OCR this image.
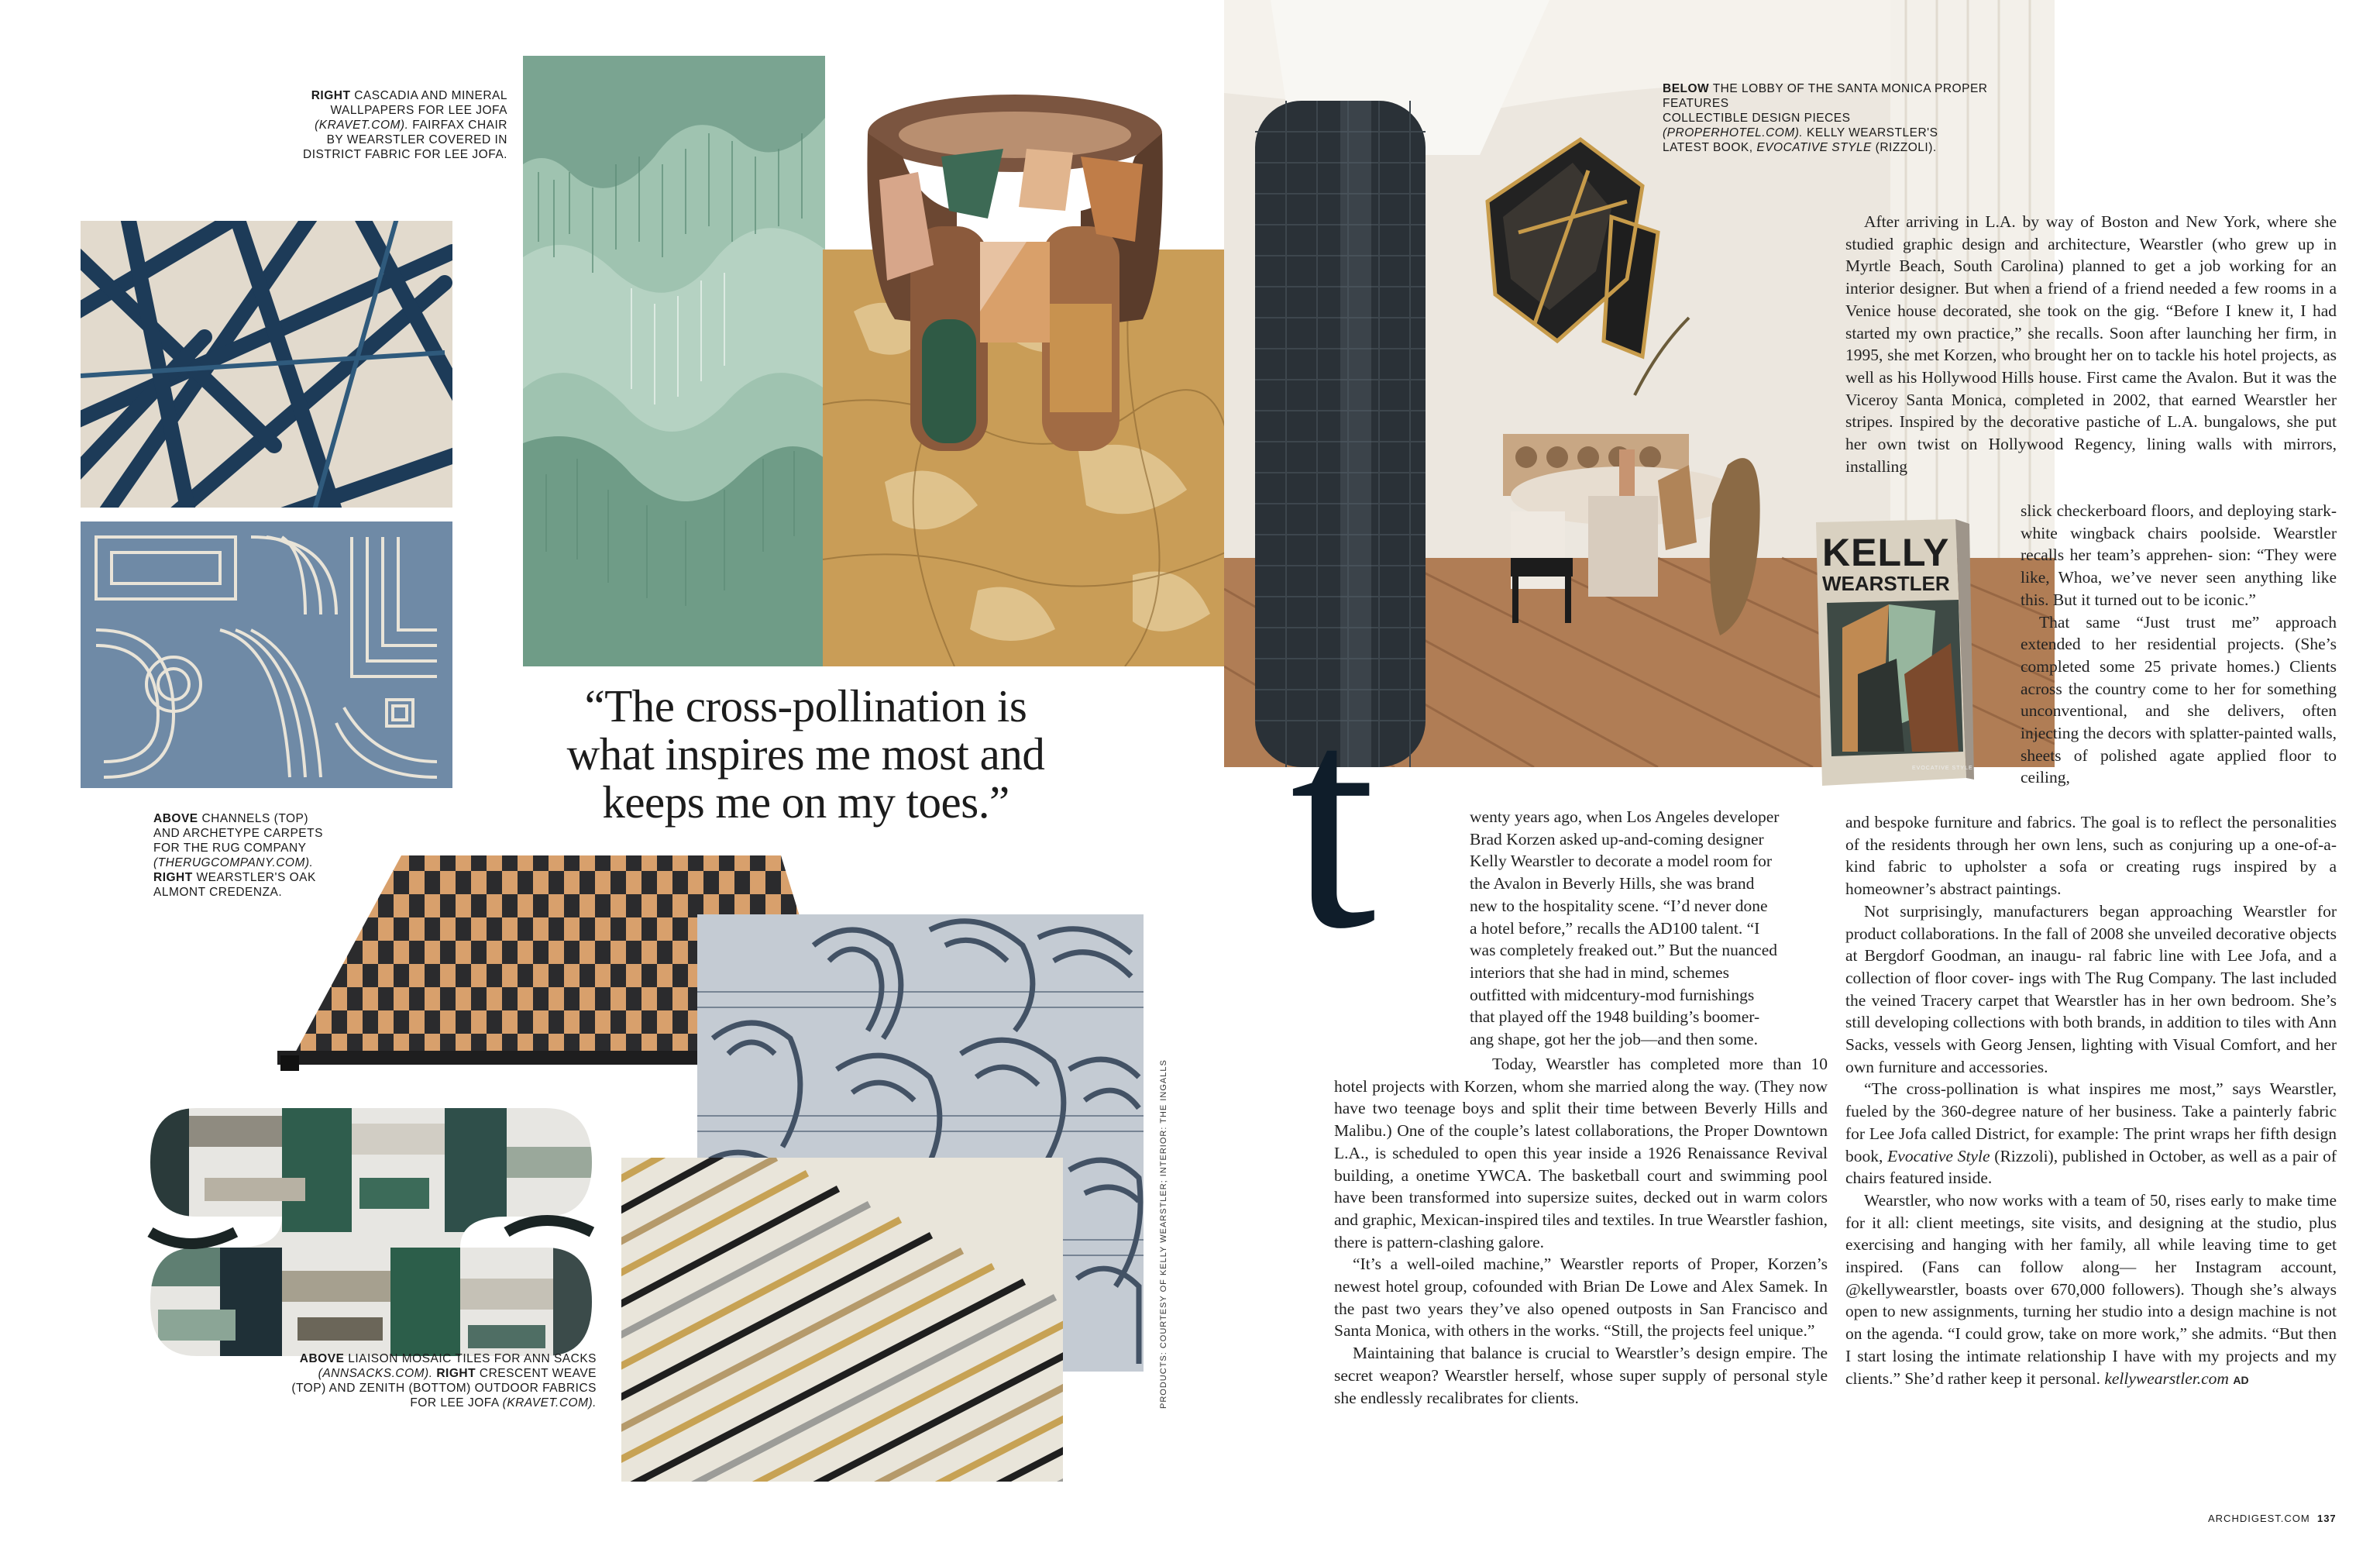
RIGHT CASCADIA AND MINERAL
WALLPAPERS FOR LEE JOFA
(KRAVET.COM). FAIRFAX CHAIR
BY WEARSTLER COVERED IN
DISTRICT FABRIC FOR LEE JOFA.
ABOVE CHANNELS (TOP)
AND ARCHETYPE CARPETS
FOR THE RUG COMPANY
(THERUGCOMPANY.COM).
RIGHT WEARSTLER'S OAK
ALMONT CREDENZA.
“The cross-pollination is
what inspires me most and
keeps me on my toes.”
ABOVE LIAISON MOSAIC TILES FOR ANN SACKS
(ANNSACKS.COM). RIGHT CRESCENT WEAVE
(TOP) AND ZENITH (BOTTOM) OUTDOOR FABRICS
FOR LEE JOFA (KRAVET.COM).	PRODUCTS: COURTESY OF KELLY WEARSTLER; INTERIOR: THE INGALLS
BELOW THE LOBBY OF THE SANTA MONICA PROPER FEATURES
COLLECTIBLE DESIGN PIECES (PROPERHOTEL.COM). KELLY WEARSTLER'S
LATEST BOOK, EVOCATIVE STYLE (RIZZOLI).
KELLY
WEARSTLER
EVOCATIVE STYLE
t	wenty years ago, when Los Angeles developer
Brad Korzen asked up-and-coming designer
Kelly Wearstler to decorate a model room for
the Avalon in Beverly Hills, she was brand
new to the hospitality scene. “I’d never done
a hotel before,” recalls the AD100 talent. “I
was completely freaked out.” But the nuanced
interiors that she had in mind, schemes
outfitted with midcentury-mod furnishings
that played off the 1948 building’s boomer-
ang shape, got her the job—and then some.

Today, Wearstler has completed more than 10 hotel projects with Korzen, whom she married along the way. (They now have two teenage boys and split their time between Beverly Hills and Malibu.) One of the couple’s latest collaborations, the Proper Downtown L.A., is scheduled to open this year inside a 1926 Renaissance Revival building, a onetime YWCA. The basketball court and swimming pool have been transformed into supersize suites, decked out in warm colors and graphic, Mexican-inspired tiles and textiles. In true Wearstler fashion, there is pattern-clashing galore.

“It’s a well-oiled machine,” Wearstler reports of Proper, Korzen’s newest hotel group, cofounded with Brian De Lowe and Alex Samek. In the past two years they’ve also opened outposts in San Francisco and Santa Monica, with others in the works. “Still, the projects feel unique.”

Maintaining that balance is crucial to Wearstler’s design empire. The secret weapon? Wearstler herself, whose super supply of personal style she endlessly recalibrates for clients.

After arriving in L.A. by way of Boston and New York, where she studied graphic design and architecture, Wearstler (who grew up in Myrtle Beach, South Carolina) planned to get a job working for an interior designer. But when a friend of a friend needed a few rooms in a Venice house decorated, she took on the gig. “Before I knew it, I had started my own practice,” she recalls. Soon after launching her firm, in 1995, she met Korzen, who brought her on to tackle his hotel projects, as well as his Hollywood Hills house. First came the Avalon. But it was the Viceroy Santa Monica, completed in 2002, that earned Wearstler her stripes. Inspired by the decorative pastiche of L.A. bungalows, she put her own twist on Hollywood Regency, lining walls with mirrors, installing

slick checkerboard floors, and deploying stark-white wingback chairs poolside. Wearstler recalls her team’s apprehen- sion: “They were like, Whoa, we’ve never seen anything like this. But it turned out to be iconic.”

That same “Just trust me” approach extended to her residential projects. (She’s completed some 25 private homes.) Clients across the country come to her for something unconventional, and she delivers, often injecting the decors with splatter-painted walls, sheets of polished agate applied floor to ceiling,

and bespoke furniture and fabrics. The goal is to reflect the personalities of the residents through her own lens, such as conjuring up a one-of-a-kind fabric to upholster a sofa or creating rugs inspired by a homeowner’s abstract paintings.

Not surprisingly, manufacturers began approaching Wearstler for product collaborations. In the fall of 2008 she unveiled decorative objects at Bergdorf Goodman, an inaugu- ral fabric line with Lee Jofa, and a collection of floor cover- ings with The Rug Company. The last included the veined Tracery carpet that Wearstler has in her own bedroom. She’s still developing collections with both brands, in addition to tiles with Ann Sacks, vessels with Georg Jensen, lighting with Visual Comfort, and her own furniture and accessories.

“The cross-pollination is what inspires me most,” says Wearstler, fueled by the 360-degree nature of her business. Take a painterly fabric for Lee Jofa called District, for example: The print wraps her fifth design book, Evocative Style (Rizzoli), published in October, as well as a pair of chairs featured inside.

Wearstler, who now works with a team of 50, rises early to make time for it all: client meetings, site visits, and designing at the studio, plus exercising and hanging with her family, all while leaving time to get inspired. (Fans can follow along— her Instagram account, @kellywearstler, boasts over 670,000 followers). Though she’s always open to new assignments, turning her studio into a design machine is not on the agenda. “I could grow, take on more work,” she admits. “But then I start losing the intimate relationship I have with my projects and my clients.” She’d rather keep it personal. kellywearstler.com AD

ARCHDIGEST.COM 137
